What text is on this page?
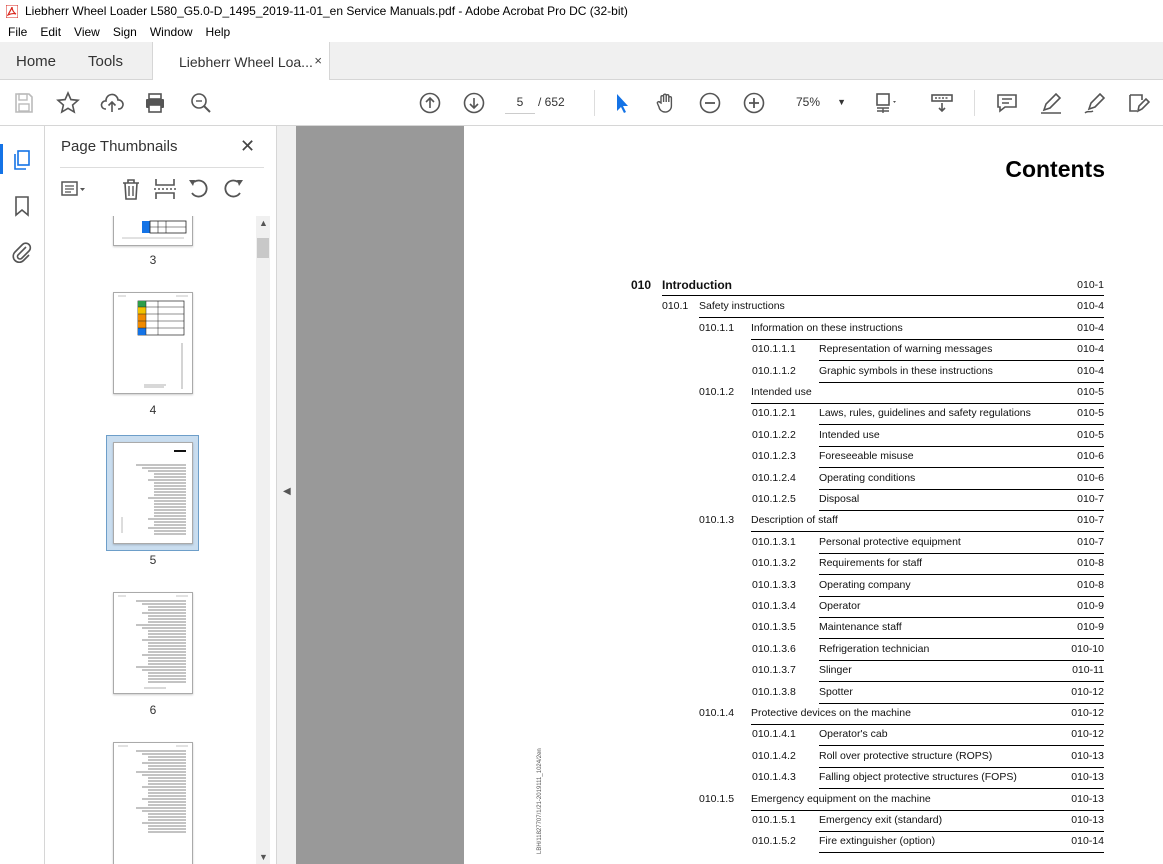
Liebherr Wheel Loader L580_G5.0-D_1495_2019-11-01_en Service Manuals.pdf - Adobe Acrobat Pro DC (32-bit)
File	Edit	View	Sign	Window	Help
Home Tools	Liebherr Wheel Loa... ×
5	/ 652	75% ▼
Page Thumbnails	✕
3
4
5
6
▲
▼
◀
Contents
010 Introduction	010-1
010.1 Safety instructions	010-4
010.1.1 Information on these instructions	010-4
010.1.1.1 Representation of warning messages	010-4
010.1.1.2 Graphic symbols in these instructions	010-4
010.1.2 Intended use	010-5
010.1.2.1 Laws, rules, guidelines and safety regulations	010-5
010.1.2.2 Intended use	010-5
010.1.2.3 Foreseeable misuse	010-6
010.1.2.4 Operating conditions	010-6
010.1.2.5 Disposal	010-7
010.1.3 Description of staff	010-7
010.1.3.1 Personal protective equipment	010-7
010.1.3.2 Requirements for staff	010-8
010.1.3.3 Operating company	010-8
010.1.3.4 Operator	010-9
010.1.3.5 Maintenance staff	010-9
010.1.3.6 Refrigeration technician	010-10
010.1.3.7 Slinger	010-11
010.1.3.8 Spotter	010-12
010.1.4 Protective devices on the machine	010-12
010.1.4.1 Operator's cab	010-12
010.1.4.2 Roll over protective structure (ROPS)	010-13
010.1.4.3 Falling object protective structures (FOPS)	010-13
010.1.5 Emergency equipment on the machine	010-13
010.1.5.1 Emergency exit (standard)	010-13
010.1.5.2 Fire extinguisher (option)	010-14
LBH/11827707/1/21-2019111_1024/2en
